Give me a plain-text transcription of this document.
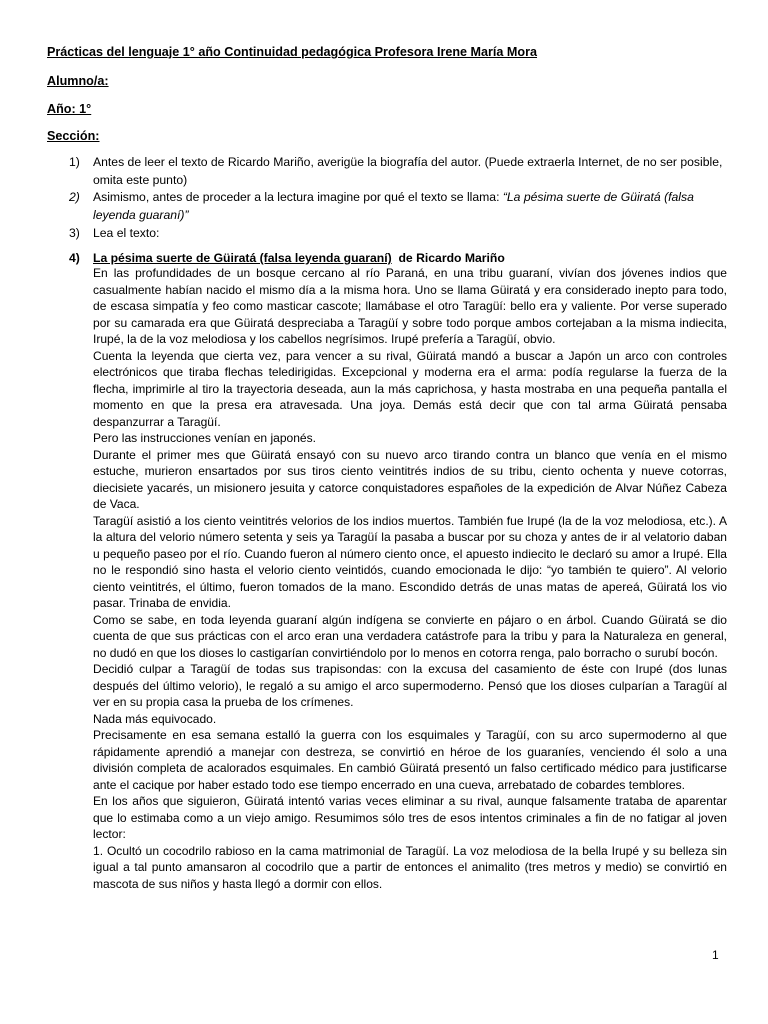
Prácticas del lenguaje 1° año Continuidad pedagógica Profesora Irene María Mora
Alumno/a:
Año: 1°
Sección:
1) Antes de leer el texto de Ricardo Mariño, averigüe la biografía del autor. (Puede extraerla Internet, de no ser posible, omita este punto)
2) Asimismo, antes de proceder a la lectura imagine por qué el texto se llama: “La pésima suerte de Güiratá (falsa leyenda guaraní)”
3) Lea el texto:
4) La pésima suerte de Güiratá (falsa leyenda guaraní)  de Ricardo Mariño

En las profundidades de un bosque cercano al río Paraná, en una tribu guaraní, vivían dos jóvenes indios que casualmente habían nacido el mismo día a la misma hora. Uno se llama Güiratá y era considerado inepto para todo, de escasa simpatía y feo como masticar cascote; llamábase el otro Taragüí: bello era y valiente. Por verse superado por su camarada era que Güiratá despreciaba a Taragüí y sobre todo porque ambos cortejaban a la misma indiecita, Irupé, la de la voz melodiosa y los cabellos negrísimos. Irupé prefería a Taragüí, obvio.

Cuenta la leyenda que cierta vez, para vencer a su rival, Güiratá mandó a buscar a Japón un arco con controles electrónicos que tiraba flechas teledirigidas. Excepcional y moderna era el arma: podía regularse la fuerza de la flecha, imprimirle al tiro la trayectoria deseada, aun la más caprichosa, y hasta mostraba en una pequeña pantalla el momento en que la presa era atravesada. Una joya. Demás está decir que con tal arma Güiratá pensaba despanzurrar a Taragüí.

Pero las instrucciones venían en japonés.

Durante el primer mes que Güiratá ensayó con su nuevo arco tirando contra un blanco que venía en el mismo estuche, murieron ensartados por sus tiros ciento veintitrés indios de su tribu, ciento ochenta y nueve cotorras, diecisiete yacarés, un misionero jesuita y catorce conquistadores españoles de la expedición de Alvar Núñez Cabeza de Vaca.

Taragüí asistió a los ciento veintitrés velorios de los indios muertos. También fue Irupé (la de la voz melodiosa, etc.). A la altura del velorio número setenta y seis ya Taragüí la pasaba a buscar por su choza y antes de ir al velatorio daban u pequeño paseo por el río. Cuando fueron al número ciento once, el apuesto indiecito le declaró su amor a Irupé. Ella no le respondió sino hasta el velorio ciento veintidós, cuando emocionada le dijo: “yo también te quiero”. Al velorio ciento veintitrés, el último, fueron tomados de la mano. Escondido detrás de unas matas de apereá, Güiratá los vio pasar. Trinaba de envidia.

Como se sabe, en toda leyenda guaraní algún indígena se convierte en pájaro o en árbol. Cuando Güiratá se dio cuenta de que sus prácticas con el arco eran una verdadera catástrofe para la tribu y para la Naturaleza en general, no dudó en que los dioses lo castigarían convirtiéndolo por lo menos en cotorra renga, palo borracho o surubí bocón.

Decidió culpar a Taragüí de todas sus trapisondas: con la excusa del casamiento de éste con Irupé (dos lunas después del último velorio), le regaló a su amigo el arco supermoderno. Pensó que los dioses culparían a Taragüí al ver en su propia casa la prueba de los crímenes.

Nada más equivocado.

Precisamente en esa semana estalló la guerra con los esquimales y Taragüí, con su arco supermoderno al que rápidamente aprendió a manejar con destreza, se convirtió en héroe de los guaraníes, venciendo él solo a una división completa de acalorados esquimales. En cambió Güiratá presentó un falso certificado médico para justificarse ante el cacique por haber estado todo ese tiempo encerrado en una cueva, arrebatado de cobardes temblores.

En los años que siguieron, Güiratá intentó varias veces eliminar a su rival, aunque falsamente trataba de aparentar que lo estimaba como a un viejo amigo. Resumimos sólo tres de esos intentos criminales a fin de no fatigar al joven lector:

1. Ocultó un cocodrilo rabioso en la cama matrimonial de Taragüí. La voz melodiosa de la bella Irupé y su belleza sin igual a tal punto amansaron al cocodrilo que a partir de entonces el animalito (tres metros y medio) se convirtió en mascota de sus niños y hasta llegó a dormir con ellos.

1
